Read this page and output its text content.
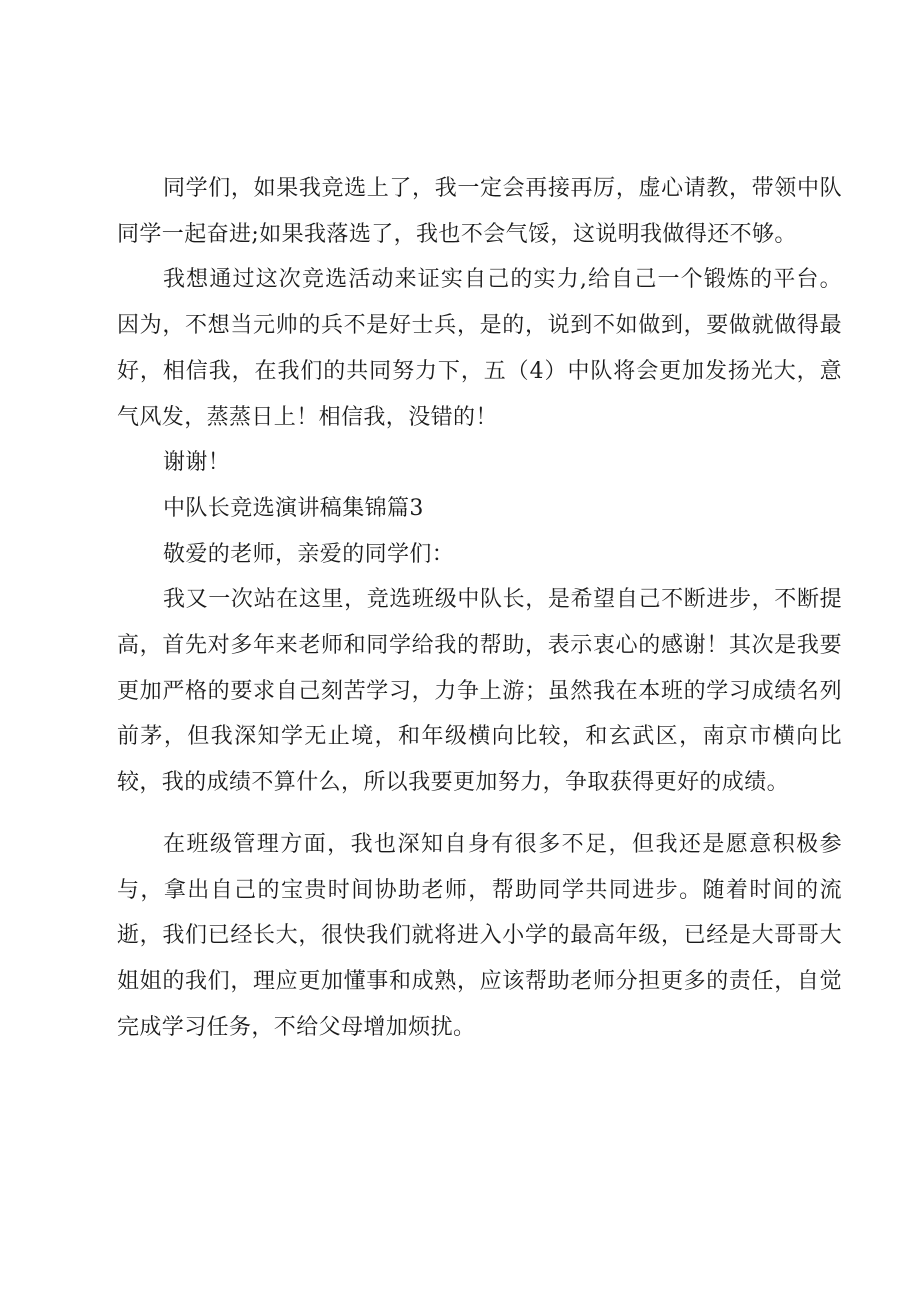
同学们，如果我竞选上了，我一定会再接再厉，虚心请教，带领中队同学一起奋进;如果我落选了，我也不会气馁，这说明我做得还不够。

我想通过这次竞选活动来证实自己的实力,给自己一个锻炼的平台。因为，不想当元帅的兵不是好士兵，是的，说到不如做到，要做就做得最好，相信我，在我们的共同努力下，五（4）中队将会更加发扬光大，意气风发，蒸蒸日上！相信我，没错的！

谢谢！

中队长竞选演讲稿集锦篇3

敬爱的老师，亲爱的同学们：

我又一次站在这里，竞选班级中队长，是希望自己不断进步，不断提高，首先对多年来老师和同学给我的帮助，表示衷心的感谢！其次是我要更加严格的要求自己刻苦学习，力争上游；虽然我在本班的学习成绩名列前茅，但我深知学无止境，和年级横向比较，和玄武区，南京市横向比较，我的成绩不算什么，所以我要更加努力，争取获得更好的成绩。

在班级管理方面，我也深知自身有很多不足，但我还是愿意积极参与，拿出自己的宝贵时间协助老师，帮助同学共同进步。随着时间的流逝，我们已经长大，很快我们就将进入小学的最高年级，已经是大哥哥大姐姐的我们，理应更加懂事和成熟，应该帮助老师分担更多的责任，自觉完成学习任务，不给父母增加烦扰。
